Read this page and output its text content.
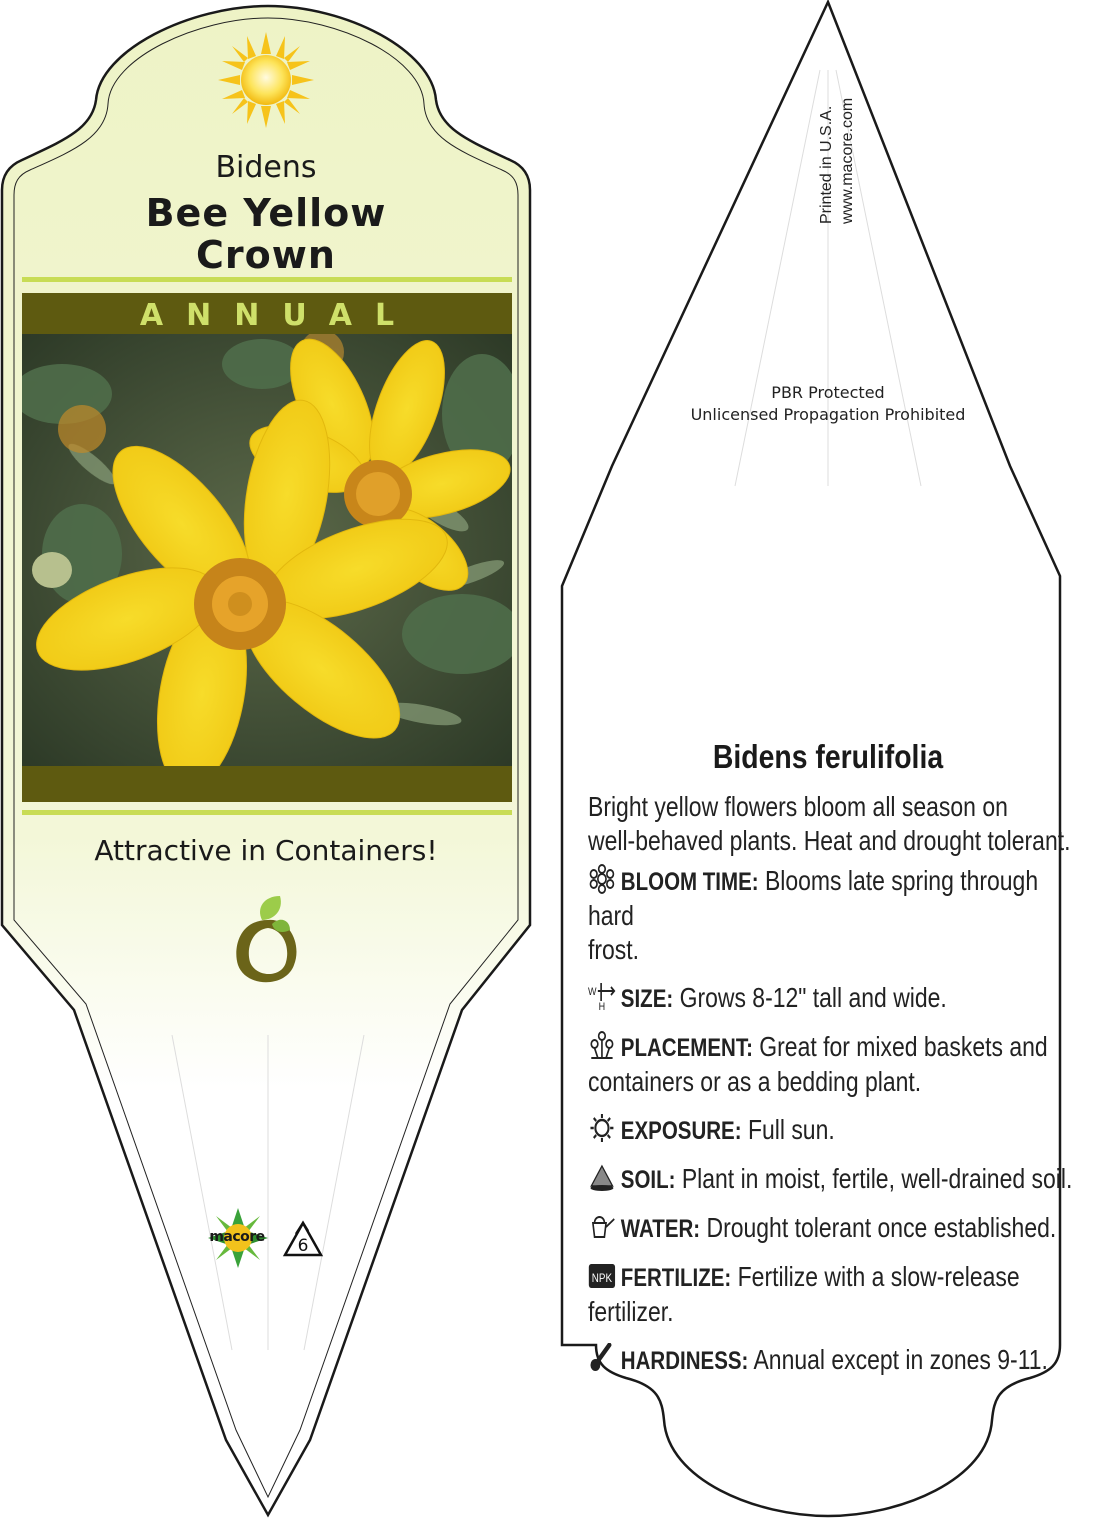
Bidens
Bee Yellow
Crown
ANNUAL
Attractive in Containers!
macore	6
Printed in U.S.A. www.macore.com
PBR Protected
Unlicensed Propagation Prohibited
Bidens ferulifolia
Bright yellow flowers bloom all season on
well-behaved plants. Heat and drought tolerant.
BLOOM TIME: Blooms late spring through hard
frost.
W
H SIZE: Grows 8-12" tall and wide.
PLACEMENT: Great for mixed baskets and
containers or as a bedding plant.
EXPOSURE: Full sun.
SOIL: Plant in moist, fertile, well-drained soil.
WATER: Drought tolerant once established.
NPK FERTILIZE: Fertilize with a slow-release
fertilizer.
HARDINESS: Annual except in zones 9-11.
